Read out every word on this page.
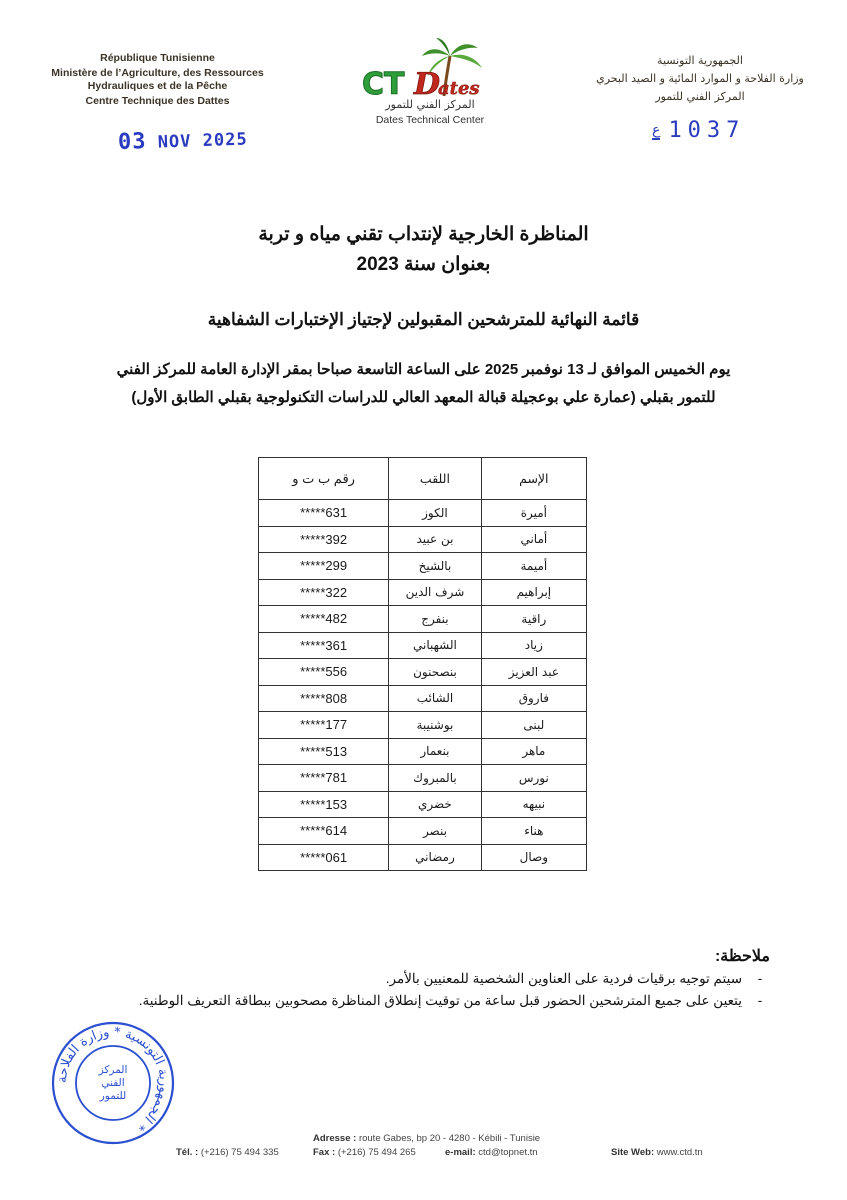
République Tunisienne
Ministère de l’Agriculture, des Ressources
Hydrauliques et de la Pêche
Centre Technique des Dattes	CT D
ates
المركز الفني للتمور
Dates Technical Center
الجمهورية التونسية
وزارة الفلاحة و الموارد المائية و الصيد البحري
المركز الفني للتمور
03 NOV 2025	ع 1037
المناظرة الخارجية لإنتداب تقني مياه و تربة
بعنوان سنة 2023
قائمة النهائية للمترشحين المقبولين لإجتياز الإختبارات الشفاهية
يوم الخميس الموافق لـ 13 نوفمبر 2025 على الساعة التاسعة صباحا بمقر الإدارة العامة للمركز الفني
للتمور بقبلي (عمارة علي بوعجيلة قبالة المعهد العالي للدراسات التكنولوجية بقبلي الطابق الأول)
الإسم	اللقب	رقم ب ت و
أميرة	الكوز	*****631
أماني	بن عبيد	*****392
أميمة	بالشيخ	*****299
إبراهيم	شرف الدين	*****322
راقية	بنفرج	*****482
زياد	الشهباني	*****361
عبد العزيز	بنصحنون	*****556
فاروق	الشائب	*****808
لبنى	بوشنيبة	*****177
ماهر	بنعمار	*****513
نورس	بالمبروك	*****781
نبيهه	خضري	*****153
هناء	بنصر	*****614
وصال	رمضاني	*****061
ملاحظة:
-
سيتم توجيه برقيات فردية على العناوين الشخصية للمعنيين بالأمر.
-
يتعين على جميع المترشحين الحضور قبل ساعة من توقيت إنطلاق المناظرة مصحوبين ببطاقة التعريف الوطنية.
الجمهورية التونسية * وزارة الفلاحة *
المركز الفني للتمور
Adresse : route Gabes, bp 20 - 4280 - Kébili - Tunisie
Tél. : (+216) 75 494 335	Fax : (+216) 75 494 265	e-mail: ctd@topnet.tn	Site Web: www.ctd.tn
